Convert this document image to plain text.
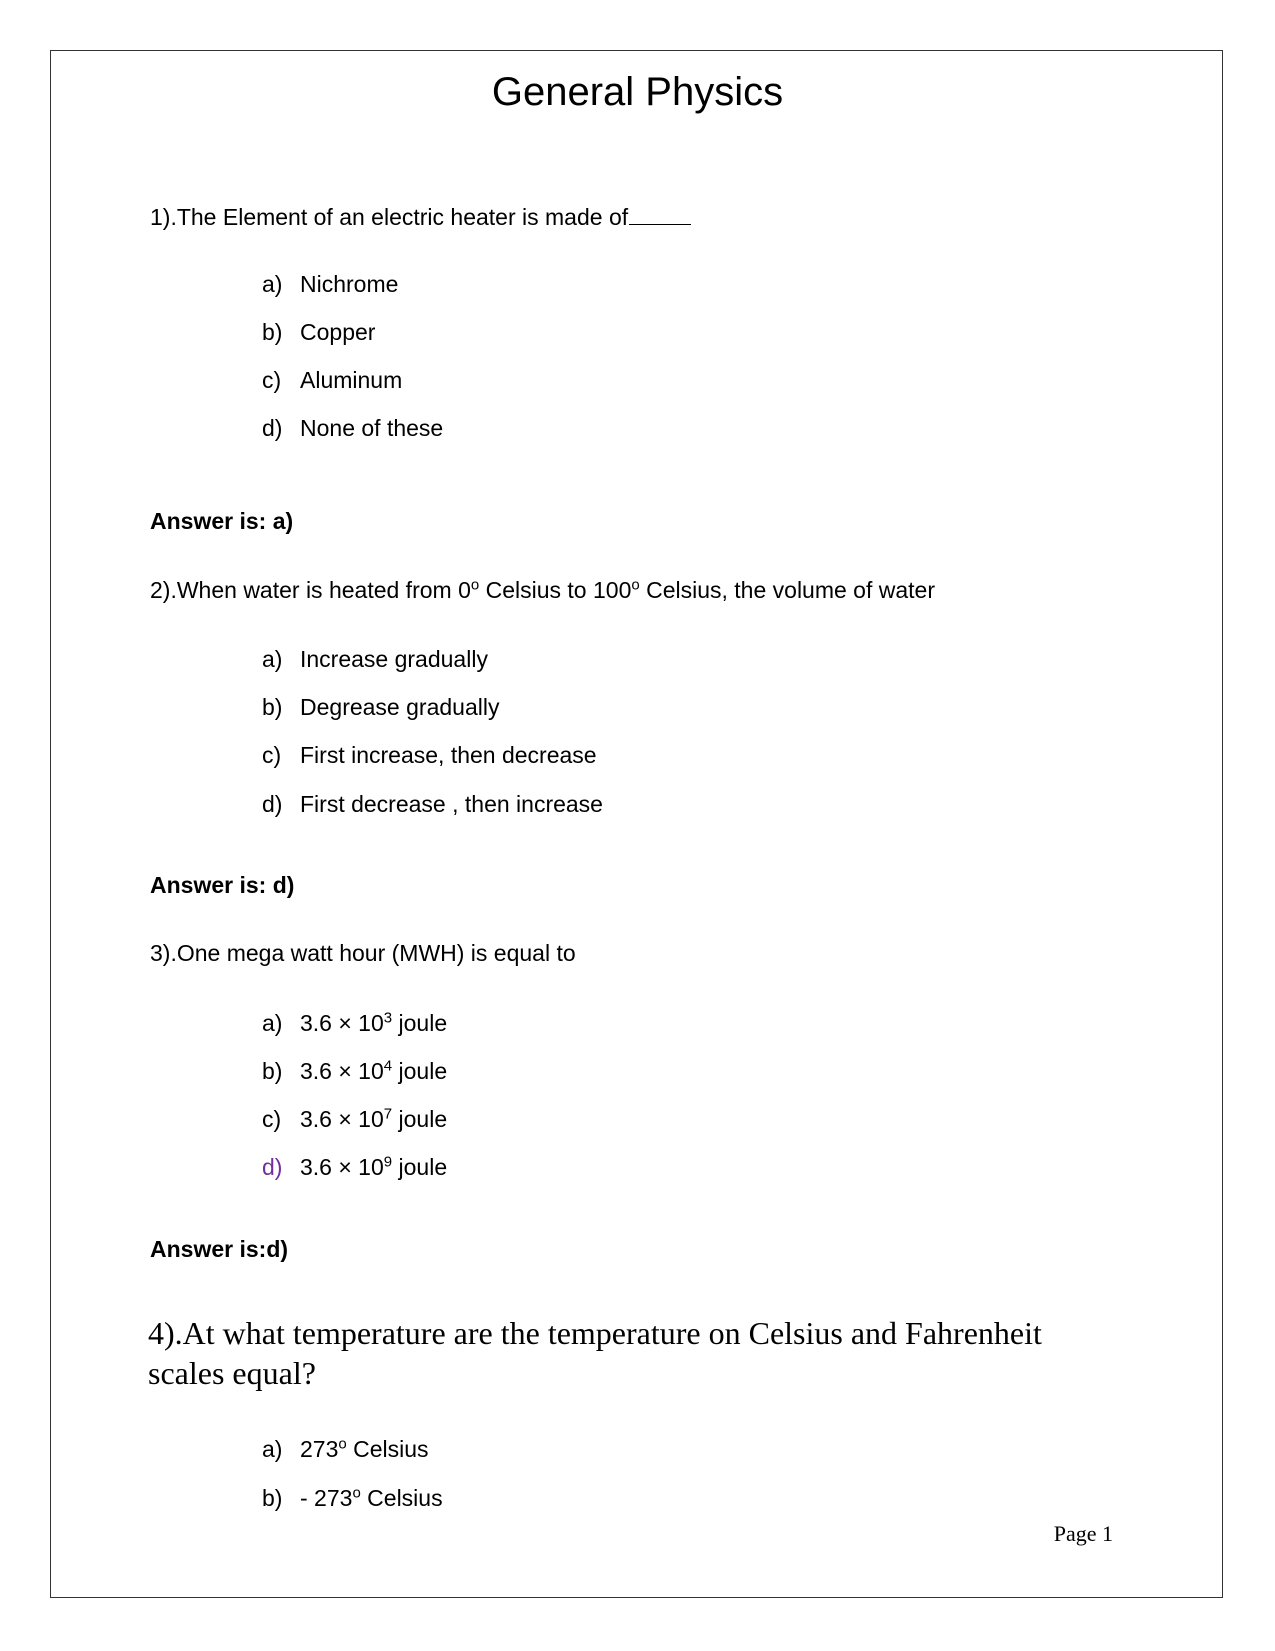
General Physics
1).The Element of an electric heater is made of
a) Nichrome
b) Copper
c) Aluminum
d) None of these
Answer is: a)
2).When water is heated from 0$^o$ Celsius to 100$^o$ Celsius, the volume of water
a) Increase gradually
b) Degrease gradually
c) First increase, then decrease
d) First decrease , then increase
Answer is: d)
3).One mega watt hour (MWH) is equal to
a) $3.6 \times 10^3$ joule
b) $3.6 \times 10^4$ joule
c) $3.6 \times 10^7$ joule
d) $3.6 \times 10^9$ joule
Answer is:d)
4).At what temperature are the temperature on Celsius and Fahrenheit scales equal?
a) 273$^o$ Celsius
b) - 273$^o$ Celsius
Page 1
